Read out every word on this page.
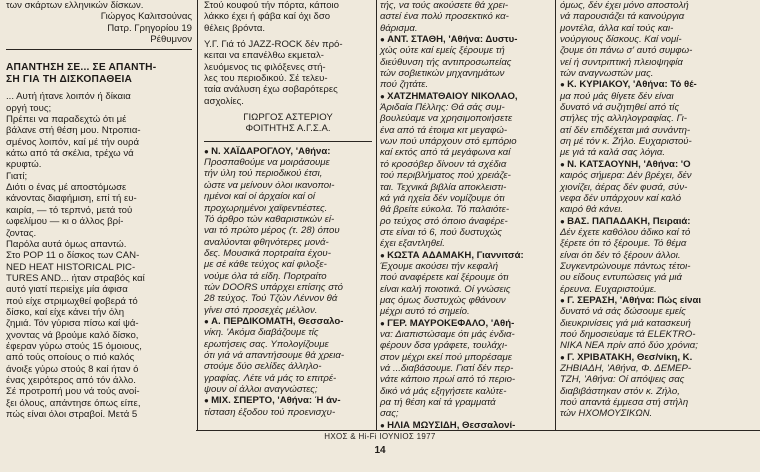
των σκάρτων ελληνικών δίσκων.

Γιώργος Καλιτσούνας

Πατρ. Γρηγορίου 19

Ρέθυμνον

ΑΠΑΝΤΗΣΗ ΣΕ... ΣΕ ΑΠΑΝΤΗ-

ΣΗ ΓΙΑ ΤΗ ΔΙΣΚΟΠΑΘΕΙΑ

... Αυτή ήτανε λοιπόν ή δίκαια

οργή τους;

Πρέπει να παραδεχτώ ότι μέ

βάλανε στή θέση μου. Ντροπια-

σμένος λοιπόν, καί μέ τήν ουρά

κάτω από τά σκέλια, τρέχω νά

κρυφτώ.

Γιατί;

Διότι ο ένας μέ αποστόμωσε

κάνοντας διαφήμιση, επί τή ευ-

καιρία, — τό τερπνό, μετά τού

ωφελίμου — κι ο άλλος βρί-

ζοντας.

Παρόλα αυτά όμως απαντώ.

Στο POP 11 ο δίσκος των CAN-

NED HEAT HISTORICAL PIC-

TURES AND... ήταν στραβός καί

αυτό γιατί περιείχε μία άφισα

πού είχε στριμωχθεί φοβερά τό

δίσκο, καί είχε κάνει τήν όλη

ζημιά. Τόν γύρισα πίσω καί ψά-

χνοντας νά βρούμε καλό δίσκο,

έφεραν γύρω στούς 15 όμοιους,

από τούς οποίους ο πιό καλός

άνοιξε γύρω στούς 8 καί ήταν ό

ένας χειρότερος από τόν άλλο.

Σέ προτροπή μου νά τούς ανοί-

ξει όλους, απάντησε όπως είπε,

πώς είναι όλοι στραβοί. Μετά 5

Στού κουφού τήν πόρτα, κάποιο

λάκκο έχει ή φάβα καί όχι δσο

θέλεις βρόντα.

Υ.Γ. Γιά τό JAZZ-ROCK δέν πρό-

κειται να επανέλθω εκμεταλ-

λευόμενος τις φιλόξενες στή-

λες του περιοδικού. Σέ τελευ-

ταία ανάλυση έχω σοβαρότερες

ασχολίες.

ΓΙΩΡΓΟΣ ΑΣΤΕΡΙΟΥ

ΦΟΙΤΗΤΗΣ Α.Γ.Σ.Α.

● Ν. ΧΑΪΔΑΡΟΓΛΟΥ, 'Αθήνα:

Προσπαθούμε να μοιράσουμε

τήν ύλη τού περιοδικού έτσι,

ώστε να μείνουν όλοι ικανοποι-

ημένοι καί οί άρχαίοι καί οί

προχωρημένοι χαϊφεντιέστες.

Τό άρθρο τών καθαριστικών εί-

ναι τό πρώτο μέρος (τ. 28) όπου

αναλύονται φθηνότερες μονά-

δες. Μουσικά πορτραίτα έχου-

με σέ κάθε τεύχος καί φιλοξε-

νούμε όλα τά είδη. Πορτραίτο

τών DOORS υπάρχει επίσης στό

28 τεύχος. Τού Τζών Λέννον θά

γίνει στό προσεχές μέλλον.

● Α. ΠΕΡΔΙΚΟΜΑΤΗ, Θεσσαλο-

νίκη. 'Ακόμα διαβάζουμε τίς

ερωτήσεις σας. Υπολογίζουμε

ότι γιά νά απαντήσουμε θά χρεια-

στούμε δύο σελίδες άλληλο-

γραφίας. Λέτε νά μάς το επιτρέ-

ψουν οί άλλοι αναγνώστες;

● ΜΙΧ. ΣΠΕΡΤΟ, 'Αθήνα: Ή άν-

τίσταση έξοδου τού προενισχυ-

τής, να τούς ακούσετε θά χρει-

αστεί ένα πολύ προσεκτικό κα-

θάρισμα.

● ΑΝΤ. ΣΤΑΘΗ, 'Αθήνα: Δυστυ-

χώς ούτε καί εμείς ξέρουμε τή

διεύθυνση τής αντιπροσωπείας

τών σοβιετικών μηχανημάτων

πού ζητάτε.

● ΧΑΤΖΗΜΑΤΘΑΙΟΥ ΝΙΚΟΛΑΟ,

Άριδαία Πέλλης: Θά σάς συμ-

βουλεύαμε να χρησιμοποιήσετε

ένα από τά έτοιμα κιτ μεγαφώ-

νων πού υπάρχουν στό εμπόριο

καί εκτός από τά μεγάφωνα καί

τό κροσόβερ δίνουν τά σχέδια

τού περιβλήματος πού χρειάζε-

ται. Τεχνικά βιβλία αποκλειστι-

κά γιά ηχεία δέν νομίζουμε ότι

θά βρείτε εύκολα. Τό παλαιότε-

ρο τεύχος στό όποιο άναφέρε-

στε είναι τό 6, πού δυστυχώς

έχει εξαντληθεί.

● ΚΩΣΤΑ ΑΔΑΜΑΚΗ, Γιαννιτσά:

Έχουμε ακούσει τήν κεφαλή

πού αναφέρετε καί ξέρουμε ότι

είναι καλή ποιοτικά. Οί γνώσεις

μας όμως δυστυχώς φθάνουν

μέχρι αυτό τό σημείο.

● ΓΕΡ. ΜΑΥΡΟΚΕΦΑΛΟ, 'Αθή-

να: Διαπιστώσαμε ότι μάς ένδια-

φέρουν δσα γράφετε, τουλάχι-

στον μέχρι εκεί πού μπορέσαμε

νά ...διαβάσουμε. Γιατί δέν περ-

νάτε κάποιο πρωί από τό περιο-

δικό νά μάς εξηγήσετε καλύτε-

ρα τή θέση καί τά γραμματά

σας;

● ΗΛΙΑ ΜΩΥΣΙΔΗ, Θεσσαλονί-

όμως, δέν έχει μόνο αποστολή

νά παρουσιάζει τά καινούργια

μοντέλα, άλλα καί τούς και-

νούργιους δίσκους. Καί νομί-

ζουμε ότι πάνω σ' αυτό συμφω-

νεί ή συντριπτική πλειοψηφία

τών αναγνωστών μας.

● Κ. ΚΥΡΙΑΚΟΥ, 'Αθήνα: Τό θέ-

μα πού μάς θίγετε δέν είναι

δυνατό νά συζητηθεί από τίς

στήλες τής αλληλογραφίας. Γι-

ατί δέν επιδέχεται μιά συνάντη-

ση μέ τόν κ. Ζήλο. Ευχαριστού-

με γιά τά καλά σας λόγια.

● Ν. ΚΑΤΣΑΟΥΝΗ, 'Αθήνα: 'Ο

καιρός σήμερα: Δέν βρέχει, δέν

χιονίζει, άέρας δέν φυσά, σύν-

νεφα δέν υπάρχουν καί καλό

καιρό θά κάνει.

● ΒΑΣ. ΠΑΠΑΔΑΚΗ, Πειραιά:

Δέν έχετε καθόλου άδικο καί τό

ξέρετε ότι τό ξέρουμε. Τό θέμα

είναι ότι δέν τό ξέρουν άλλοι.

Συγκεντρώνουμε πάντως τέτοι-

ου είδους εντυπώσεις γιά μιά

έρευνα. Ευχαριστούμε.

● Γ. ΣΕΡΑΣΗ, 'Αθήνα: Πώς είναι

δυνατό νά σάς δώσουμε εμείς

διευκρινίσεις γιά μιά κατασκευή

πού δημοσιεύαμε τά ELEKTRO-

NIKA ΝΕΑ πρίν από δύο χρόνια;

● Γ. ΧΡΙΒΑΤΑΚΗ, Θεσ/νίκη, Κ.

ΖΗΒΙΑΔΗ, 'Αθήνα, Φ. ΔΕΜΕΡ-

ΤΖΗ, 'Αθήνα: Οί απόψεις σας

διαβιβάστηκαν στόν κ. Ζήλο,

πού απαντά έμμεσα στή στήλη

τών ΗΧΟΜΟΥΣΙΚΩΝ.

ΗΧΟΣ & Hi-Fi ΙΟΥΝΙΟΣ 1977
14
